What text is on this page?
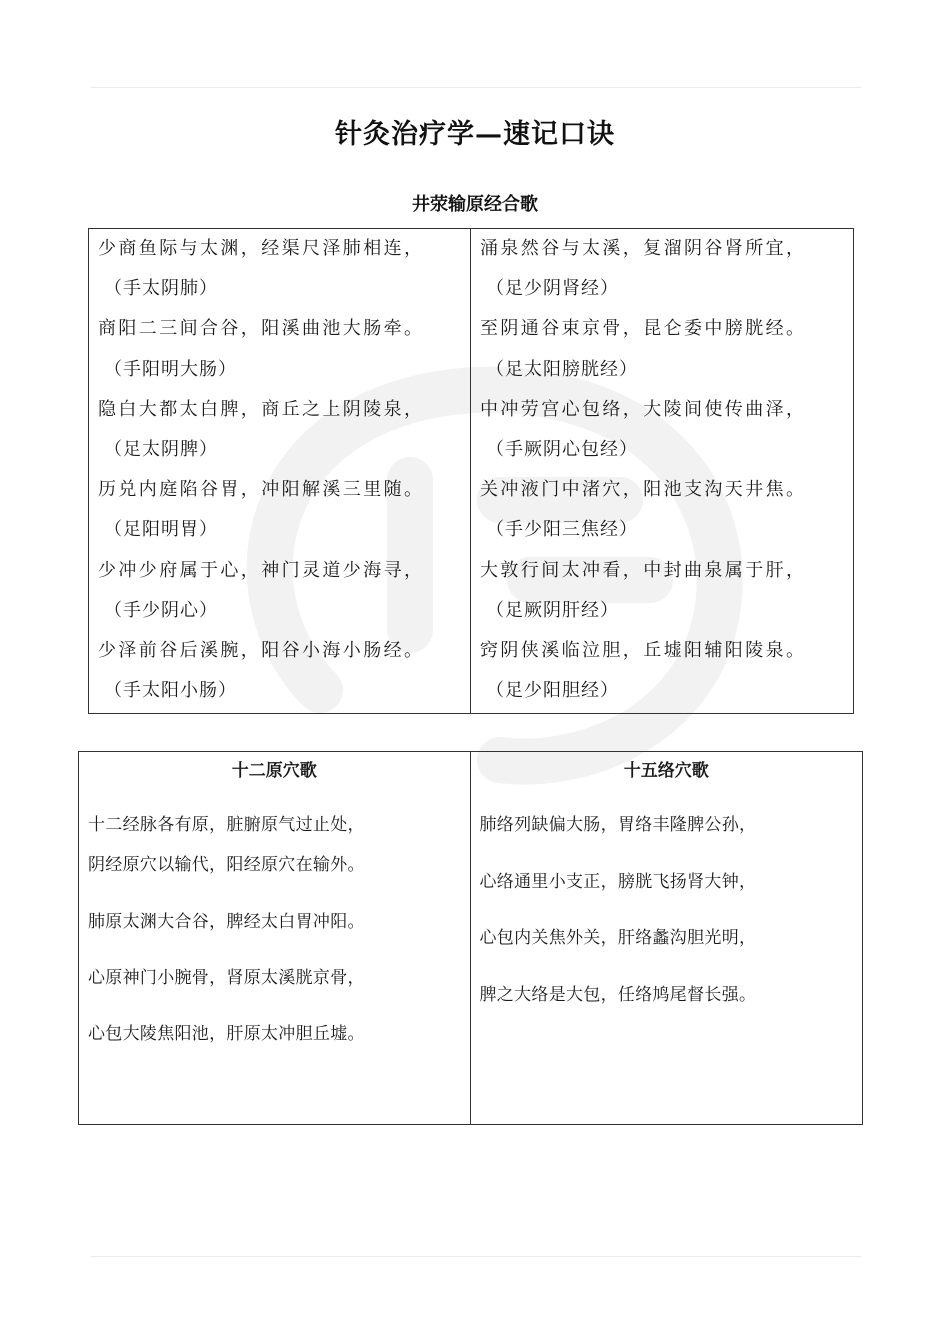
针灸治疗学—速记口诀
井荥输原经合歌
少商鱼际与太渊，经渠尺泽肺相连，
（手太阴肺）
商阳二三间合谷，阳溪曲池大肠牵。
（手阳明大肠）
隐白大都太白脾，商丘之上阴陵泉，
（足太阴脾）
历兑内庭陷谷胃，冲阳解溪三里随。
（足阳明胃）
少冲少府属于心，神门灵道少海寻，
（手少阴心）
少泽前谷后溪腕，阳谷小海小肠经。
（手太阳小肠）
涌泉然谷与太溪，复溜阴谷肾所宜，
（足少阴肾经）
至阴通谷束京骨，昆仑委中膀胱经。
（足太阳膀胱经）
中冲劳宫心包络，大陵间使传曲泽，
（手厥阴心包经）
关冲液门中渚穴，阳池支沟天井焦。
（手少阳三焦经）
大敦行间太冲看，中封曲泉属于肝，
（足厥阴肝经）
窍阴侠溪临泣胆，丘墟阳辅阳陵泉。
（足少阳胆经）
十二原穴歌
十二经脉各有原，脏腑原气过止处，
阴经原穴以输代，阳经原穴在输外。
肺原太渊大合谷，脾经太白胃冲阳。
心原神门小腕骨，肾原太溪胱京骨，
心包大陵焦阳池，肝原太冲胆丘墟。
十五络穴歌
肺络列缺偏大肠，胃络丰隆脾公孙，
心络通里小支正，膀胱飞扬肾大钟，
心包内关焦外关，肝络蠡沟胆光明，
脾之大络是大包，任络鸠尾督长强。
